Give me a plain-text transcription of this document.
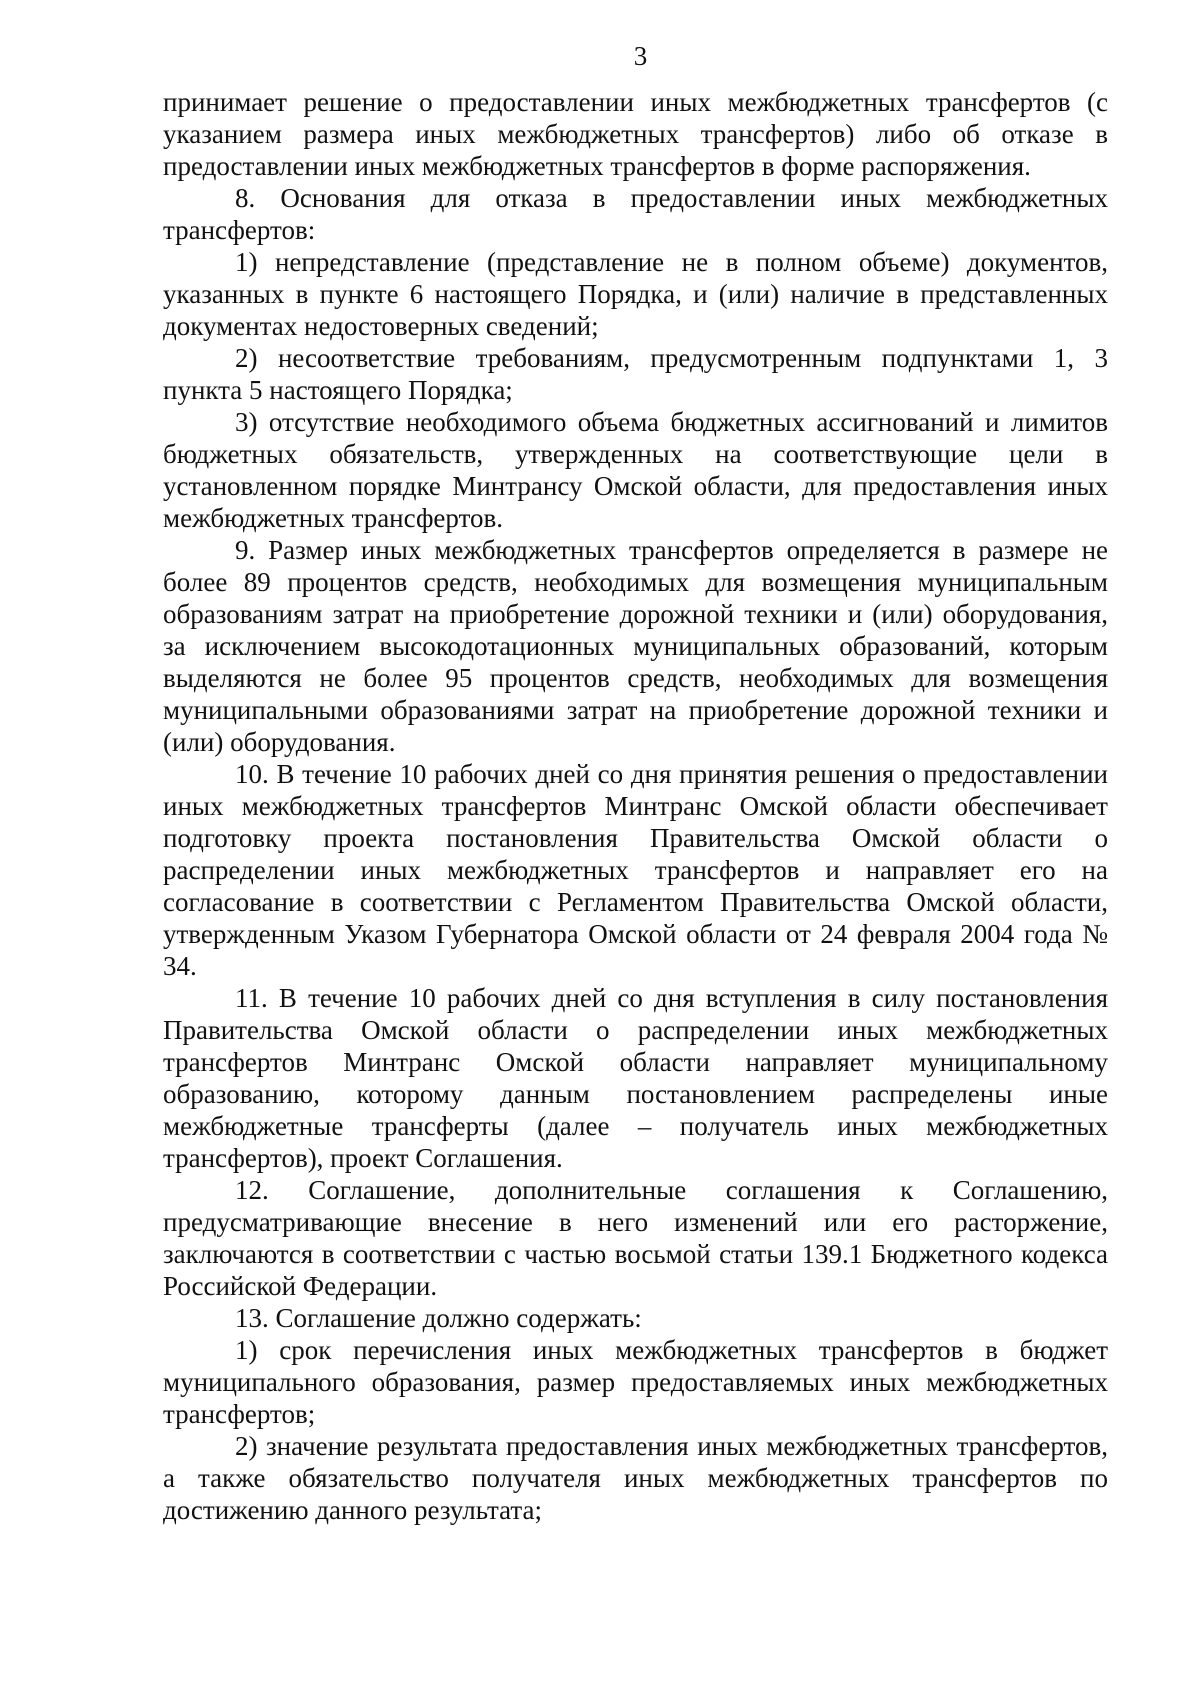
3

принимает решение о предоставлении иных межбюджетных трансфертов (с указанием размера иных межбюджетных трансфертов) либо об отказе в предоставлении иных межбюджетных трансфертов в форме распоряжения.

8. Основания для отказа в предоставлении иных межбюджетных трансфертов:

1) непредставление (представление не в полном объеме) документов, указанных в пункте 6 настоящего Порядка, и (или) наличие в представленных документах недостоверных сведений;

2) несоответствие требованиям, предусмотренным подпунктами 1, 3 пункта 5 настоящего Порядка;

3) отсутствие необходимого объема бюджетных ассигнований и лимитов бюджетных обязательств, утвержденных на соответствующие цели в установленном порядке Минтрансу Омской области, для предоставления иных межбюджетных трансфертов.

9. Размер иных межбюджетных трансфертов определяется в размере не более 89 процентов средств, необходимых для возмещения муниципальным образованиям затрат на приобретение дорожной техники и (или) оборудования, за исключением высокодотационных муниципальных образований, которым выделяются не более 95 процентов средств, необходимых для возмещения муниципальными образованиями затрат на приобретение дорожной техники и (или) оборудования.

10. В течение 10 рабочих дней со дня принятия решения о предоставлении иных межбюджетных трансфертов Минтранс Омской области обеспечивает подготовку проекта постановления Правительства Омской области о распределении иных межбюджетных трансфертов и направляет его на согласование в соответствии с Регламентом Правительства Омской области, утвержденным Указом Губернатора Омской области от 24 февраля 2004 года № 34.

11. В течение 10 рабочих дней со дня вступления в силу постановления Правительства Омской области о распределении иных межбюджетных трансфертов Минтранс Омской области направляет муниципальному образованию, которому данным постановлением распределены иные межбюджетные трансферты (далее – получатель иных межбюджетных трансфертов), проект Соглашения.

12. Соглашение, дополнительные соглашения к Соглашению, предусматривающие внесение в него изменений или его расторжение, заключаются в соответствии с частью восьмой статьи 139.1 Бюджетного кодекса Российской Федерации.

13. Соглашение должно содержать:

1) срок перечисления иных межбюджетных трансфертов в бюджет муниципального образования, размер предоставляемых иных межбюджетных трансфертов;

2) значение результата предоставления иных межбюджетных трансфертов, а также обязательство получателя иных межбюджетных трансфертов по достижению данного результата;
